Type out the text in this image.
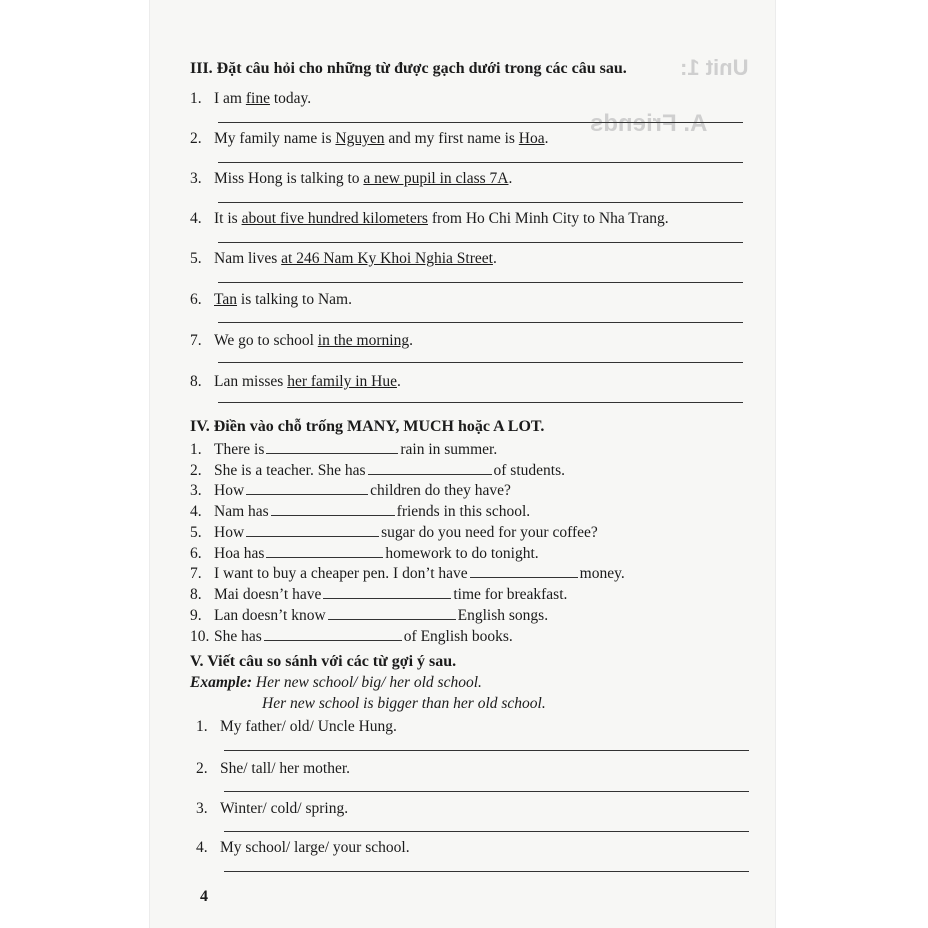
Unit 1:
A. Friends
III. Đặt câu hỏi cho những từ được gạch dưới trong các câu sau.
1. I am fine today.
2. My family name is Nguyen and my first name is Hoa.
3. Miss Hong is talking to a new pupil in class 7A.
4. It is about five hundred kilometers from Ho Chi Minh City to Nha Trang.
5. Nam lives at 246 Nam Ky Khoi Nghia Street.
6. Tan is talking to Nam.
7. We go to school in the morning.
8. Lan misses her family in Hue.
IV. Điền vào chỗ trống MANY, MUCH hoặc A LOT.
1. There is	rain in summer.
2. She is a teacher. She has	of students.
3. How	children do they have?
4. Nam has	friends in this school.
5. How	sugar do you need for your coffee?
6. Hoa has	homework to do tonight.
7. I want to buy a cheaper pen. I don’t have	money.
8. Mai doesn’t have	time for breakfast.
9. Lan doesn’t know	English songs.
10. She has	of English books.
V. Viết câu so sánh với các từ gợi ý sau.
Example: Her new school/ big/ her old school.
Her new school is bigger than her old school.
1. My father/ old/ Uncle Hung.
2. She/ tall/ her mother.
3. Winter/ cold/ spring.
4. My school/ large/ your school.
4
